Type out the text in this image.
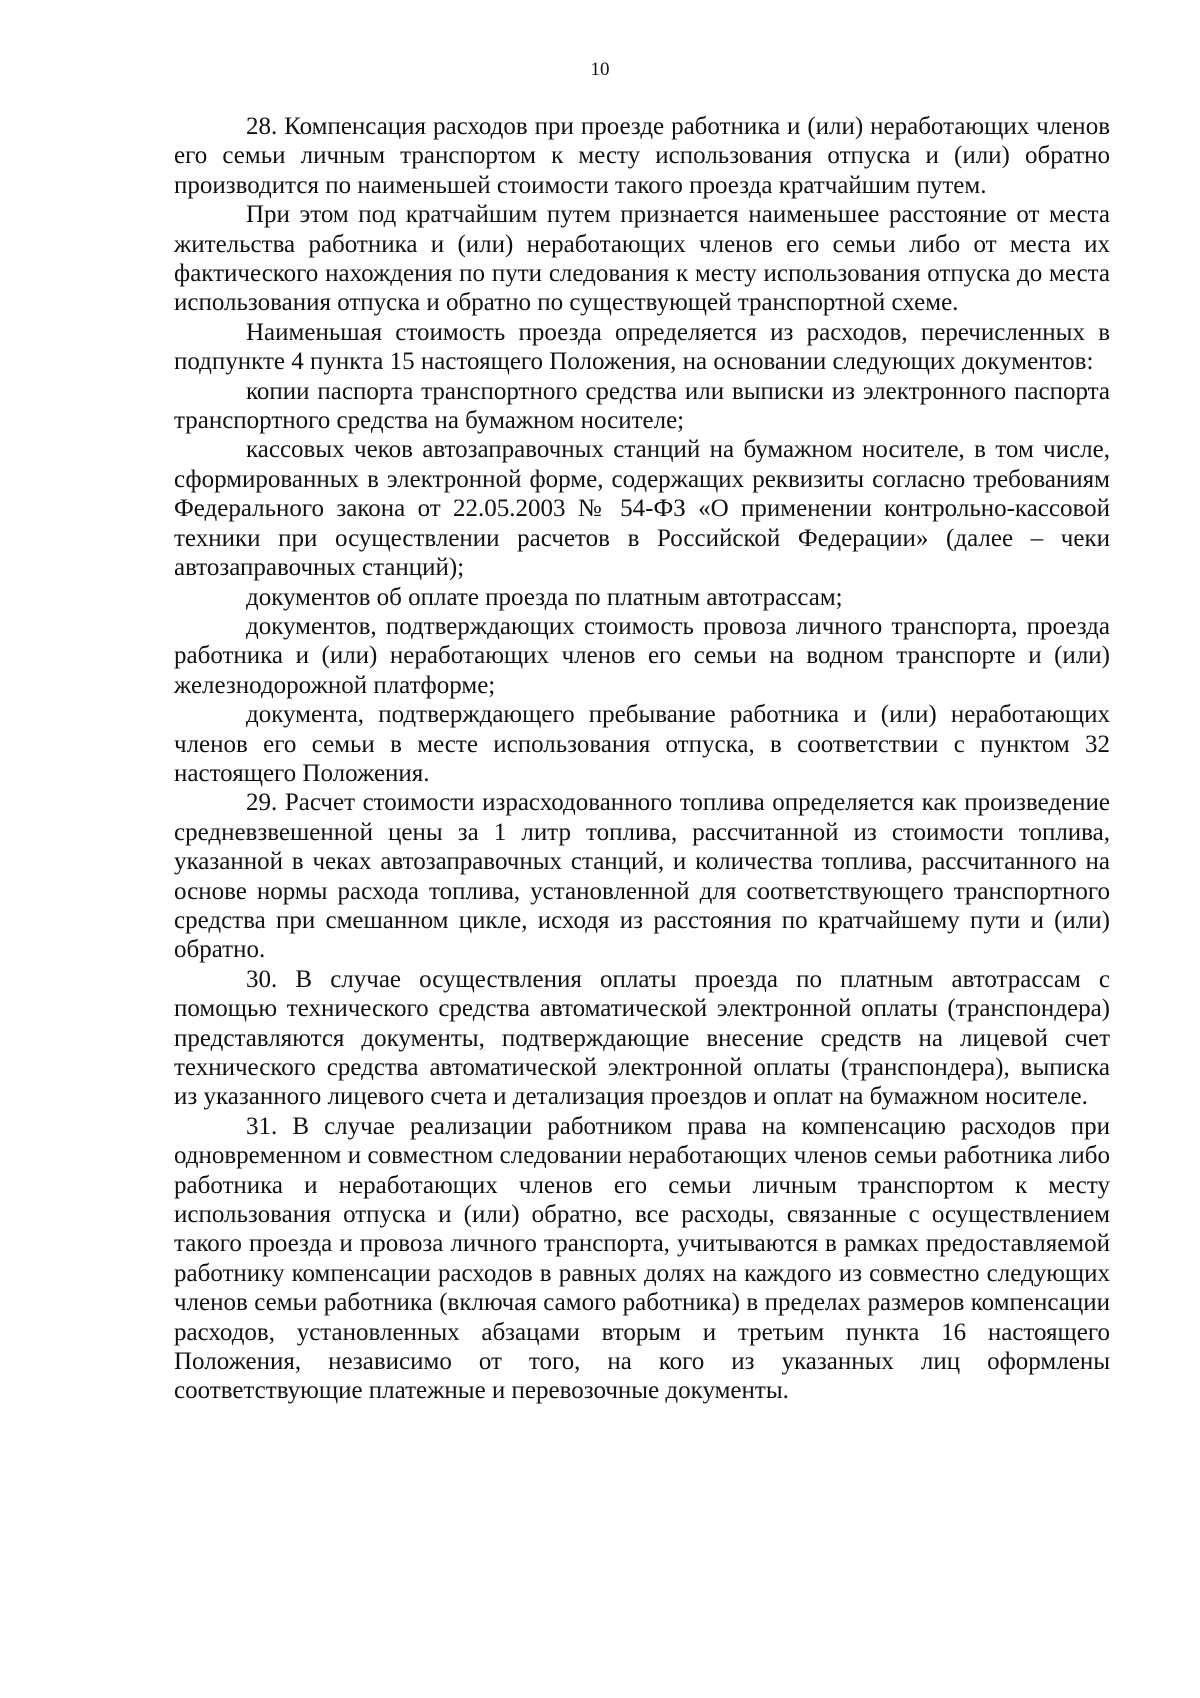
10

28. Компенсация расходов при проезде работника и (или) неработающих членов его семьи личным транспортом к месту использования отпуска и (или) обратно производится по наименьшей стоимости такого проезда кратчайшим путем.

При этом под кратчайшим путем признается наименьшее расстояние от места жительства работника и (или) неработающих членов его семьи либо от места их фактического нахождения по пути следования к месту использования отпуска до места использования отпуска и обратно по существующей транспортной схеме.

Наименьшая стоимость проезда определяется из расходов, перечисленных в подпункте 4 пункта 15 настоящего Положения, на основании следующих документов:

копии паспорта транспортного средства или выписки из электронного паспорта транспортного средства на бумажном носителе;

кассовых чеков автозаправочных станций на бумажном носителе, в том числе, сформированных в электронной форме, содержащих реквизиты согласно требованиям Федерального закона от 22.05.2003 № 54-ФЗ «О применении контрольно-кассовой техники при осуществлении расчетов в Российской Федерации» (далее – чеки автозаправочных станций);

документов об оплате проезда по платным автотрассам;

документов, подтверждающих стоимость провоза личного транспорта, проезда работника и (или) неработающих членов его семьи на водном транспорте и (или) железнодорожной платформе;

документа, подтверждающего пребывание работника и (или) неработающих членов его семьи в месте использования отпуска, в соответствии с пунктом 32 настоящего Положения.

29. Расчет стоимости израсходованного топлива определяется как произведение средневзвешенной цены за 1 литр топлива, рассчитанной из стоимости топлива, указанной в чеках автозаправочных станций, и количества топлива, рассчитанного на основе нормы расхода топлива, установленной для соответствующего транспортного средства при смешанном цикле, исходя из расстояния по кратчайшему пути и (или) обратно.

30. В случае осуществления оплаты проезда по платным автотрассам с помощью технического средства автоматической электронной оплаты (транспондера) представляются документы, подтверждающие внесение средств на лицевой счет технического средства автоматической электронной оплаты (транспондера), выписка из указанного лицевого счета и детализация проездов и оплат на бумажном носителе.

31. В случае реализации работником права на компенсацию расходов при одновременном и совместном следовании неработающих членов семьи работника либо работника и неработающих членов его семьи личным транспортом к месту использования отпуска и (или) обратно, все расходы, связанные с осуществлением такого проезда и провоза личного транспорта, учитываются в рамках предоставляемой работнику компенсации расходов в равных долях на каждого из совместно следующих членов семьи работника (включая самого работника) в пределах размеров компенсации расходов, установленных абзацами вторым и третьим пункта 16 настоящего Положения, независимо от того, на кого из указанных лиц оформлены соответствующие платежные и перевозочные документы.
